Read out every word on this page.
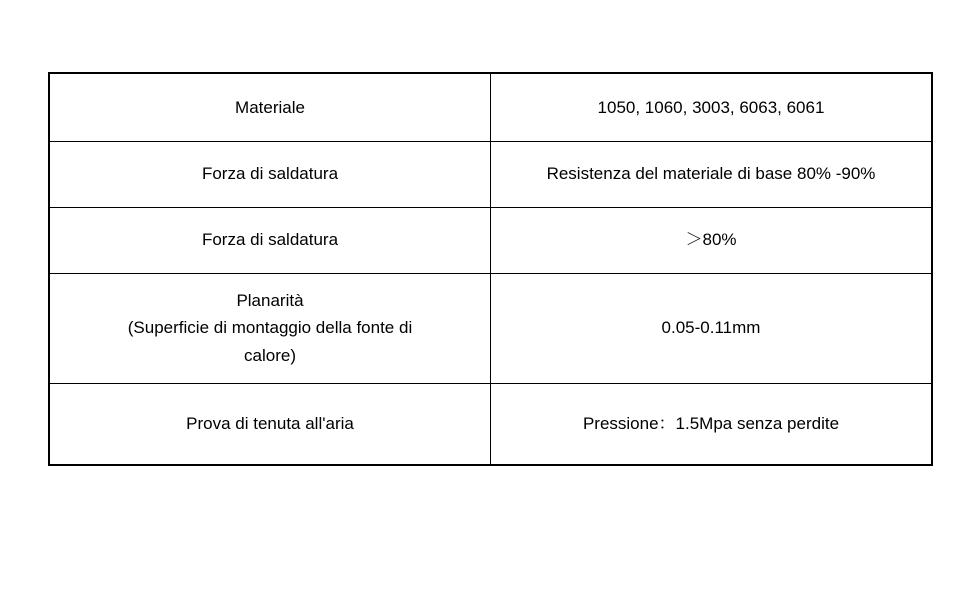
Materiale	1050, 1060, 3003, 6063, 6061
Forza di saldatura	Resistenza del materiale di base 80% -90%
Forza di saldatura	＞80%

Planarità
(Superficie di montaggio della fonte di
calore)	0.05-0.11mm
Prova di tenuta all'aria	Pressione：1.5Mpa senza perdite
